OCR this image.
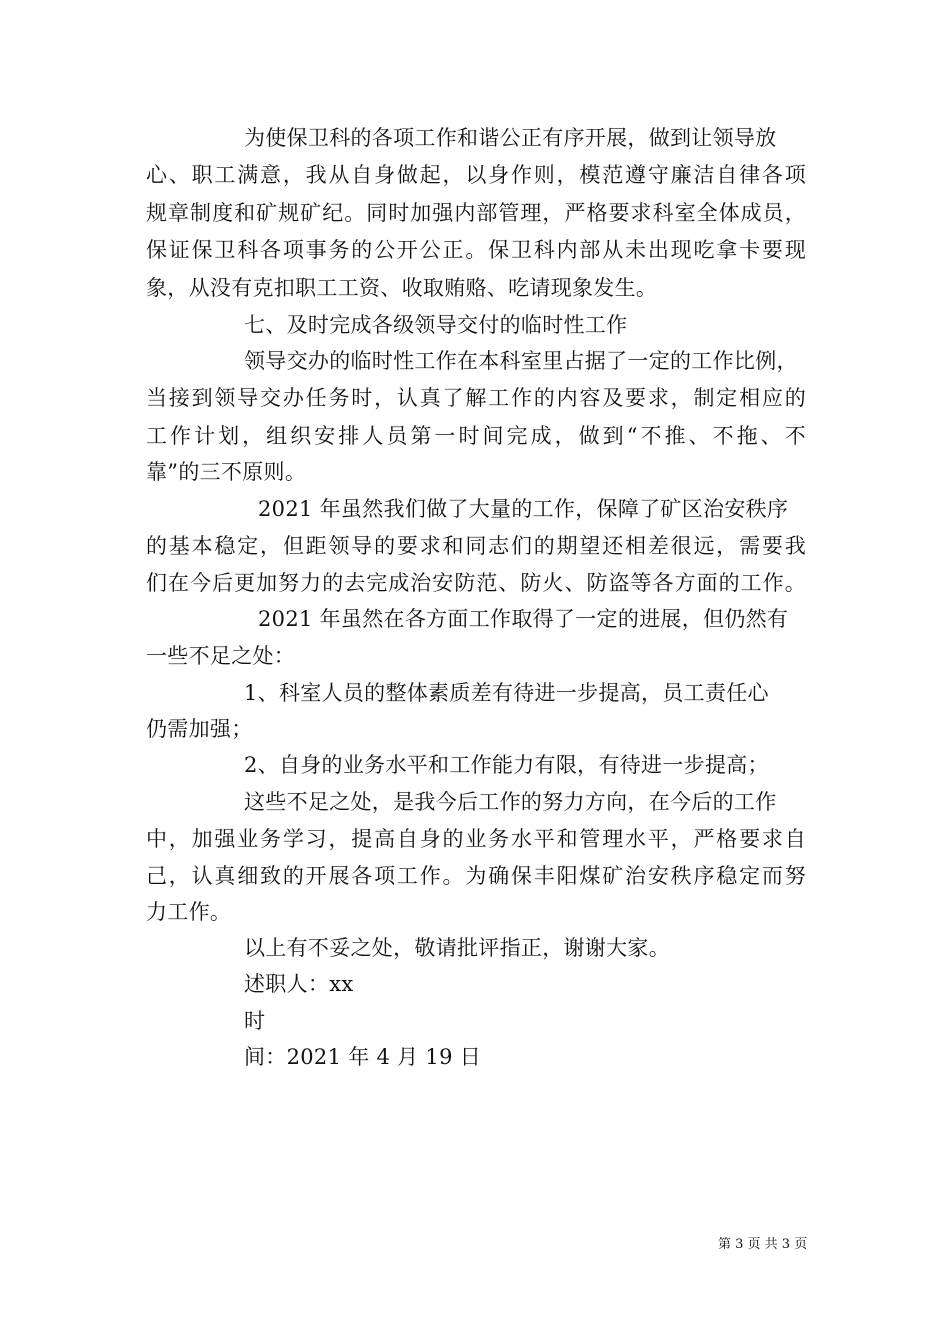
为使保卫科的各项工作和谐公正有序开展，做到让领导放
心、职工满意，我从自身做起，以身作则，模范遵守廉洁自律各项
规章制度和矿规矿纪。同时加强内部管理，严格要求科室全体成员，
保证保卫科各项事务的公开公正。保卫科内部从未出现吃拿卡要现
象，从没有克扣职工工资、收取贿赂、吃请现象发生。
七、及时完成各级领导交付的临时性工作
领导交办的临时性工作在本科室里占据了一定的工作比例，
当接到领导交办任务时，认真了解工作的内容及要求，制定相应的
工作计划，组织安排人员第一时间完成，做到“不推、不拖、不
靠”的三不原则。
2021 年虽然我们做了大量的工作，保障了矿区治安秩序
的基本稳定，但距领导的要求和同志们的期望还相差很远，需要我
们在今后更加努力的去完成治安防范、防火、防盗等各方面的工作。
2021 年虽然在各方面工作取得了一定的进展，但仍然有
一些不足之处：
1、科室人员的整体素质差有待进一步提高，员工责任心
仍需加强；
2、自身的业务水平和工作能力有限，有待进一步提高；
这些不足之处，是我今后工作的努力方向，在今后的工作
中，加强业务学习，提高自身的业务水平和管理水平，严格要求自
己，认真细致的开展各项工作。为确保丰阳煤矿治安秩序稳定而努
力工作。
以上有不妥之处，敬请批评指正，谢谢大家。
述职人：xx
时
间：2021 年 4 月 19 日
第 3 页 共 3 页
